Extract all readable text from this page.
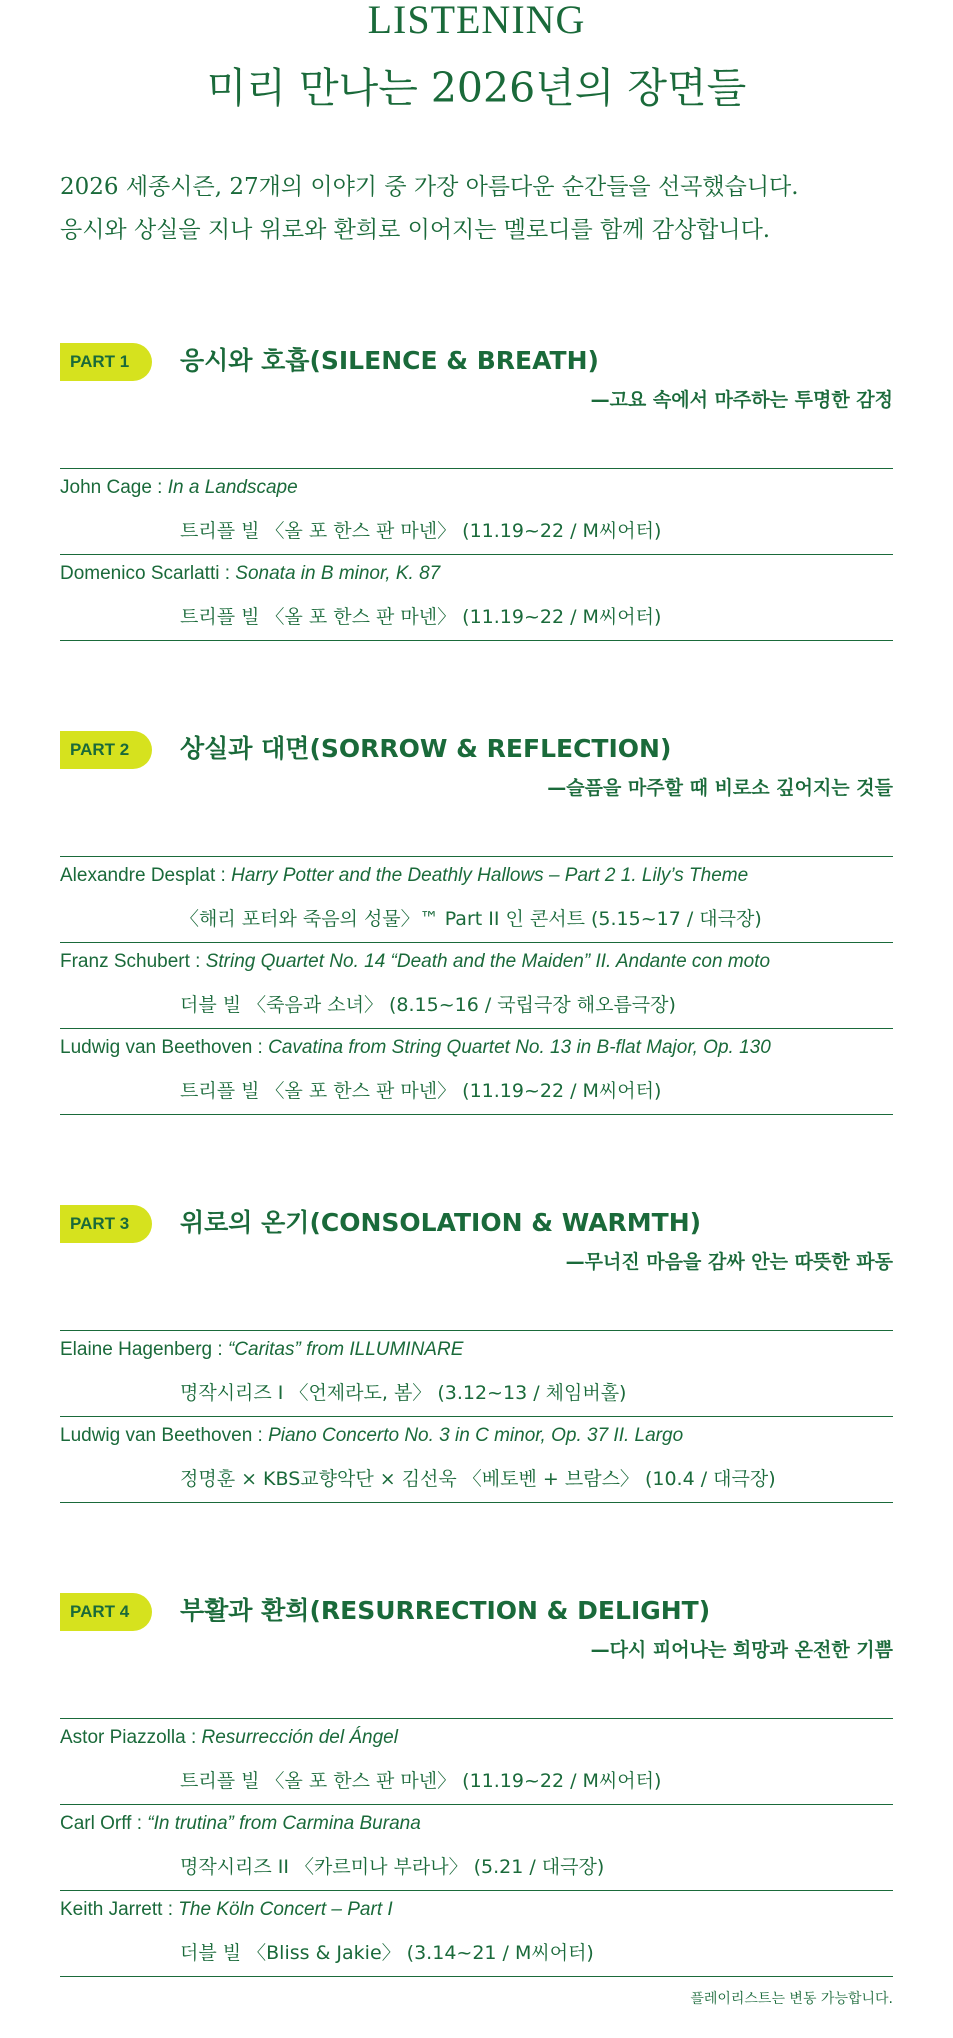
LISTENING
미리 만나는 2026년의 장면들
2026 세종시즌, 27개의 이야기 중 가장 아름다운 순간들을 선곡했습니다.
응시와 상실을 지나 위로와 환희로 이어지는 멜로디를 함께 감상합니다.
PART 1	응시와 호흡(SILENCE & BREATH)
—고요 속에서 마주하는 투명한 감정
John Cage : In a Landscape
트리플 빌 〈올 포 한스 판 마넨〉 (11.19~22 / M씨어터)
Domenico Scarlatti : Sonata in B minor, K. 87
트리플 빌 〈올 포 한스 판 마넨〉 (11.19~22 / M씨어터)
PART 2	상실과 대면(SORROW & REFLECTION)
—슬픔을 마주할 때 비로소 깊어지는 것들
Alexandre Desplat : Harry Potter and the Deathly Hallows – Part 2 1. Lily’s Theme
〈해리 포터와 죽음의 성물〉™ Part II 인 콘서트 (5.15~17 / 대극장)
Franz Schubert : String Quartet No. 14 “Death and the Maiden” II. Andante con moto
더블 빌 〈죽음과 소녀〉 (8.15~16 / 국립극장 해오름극장)
Ludwig van Beethoven : Cavatina from String Quartet No. 13 in B-flat Major, Op. 130
트리플 빌 〈올 포 한스 판 마넨〉 (11.19~22 / M씨어터)
PART 3	위로의 온기(CONSOLATION & WARMTH)
—무너진 마음을 감싸 안는 따뜻한 파동
Elaine Hagenberg : “Caritas” from ILLUMINARE
명작시리즈 I 〈언제라도, 봄〉 (3.12~13 / 체임버홀)
Ludwig van Beethoven : Piano Concerto No. 3 in C minor, Op. 37 II. Largo
정명훈 × KBS교향악단 × 김선욱 〈베토벤 + 브람스〉 (10.4 / 대극장)
PART 4	부활과 환희(RESURRECTION & DELIGHT)
—다시 피어나는 희망과 온전한 기쁨
Astor Piazzolla : Resurrección del Ángel
트리플 빌 〈올 포 한스 판 마넨〉 (11.19~22 / M씨어터)
Carl Orff : “In trutina” from Carmina Burana
명작시리즈 II 〈카르미나 부라나〉 (5.21 / 대극장)
Keith Jarrett : The Köln Concert – Part I
더블 빌 〈Bliss & Jakie〉 (3.14~21 / M씨어터)
플레이리스트는 변동 가능합니다.
